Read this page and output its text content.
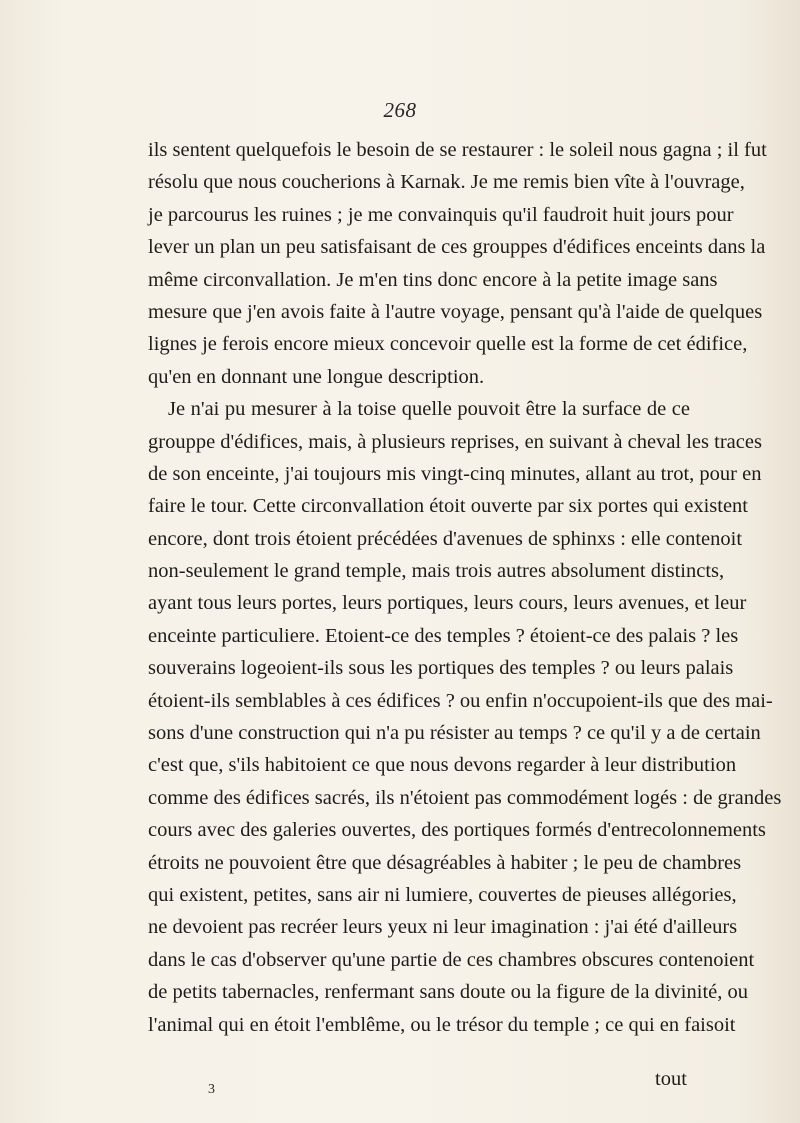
268
ils sentent quelquefois le besoin de se restaurer : le soleil nous gagna ; il fut
résolu que nous coucherions à Karnak. Je me remis bien vîte à l'ouvrage,
je parcourus les ruines ; je me convainquis qu'il faudroit huit jours pour
lever un plan un peu satisfaisant de ces grouppes d'édifices enceints dans la
même circonvallation. Je m'en tins donc encore à la petite image sans
mesure que j'en avois faite à l'autre voyage, pensant qu'à l'aide de quelques
lignes je ferois encore mieux concevoir quelle est la forme de cet édifice,
qu'en en donnant une longue description.
Je n'ai pu mesurer à la toise quelle pouvoit être la surface de ce
grouppe d'édifices, mais, à plusieurs reprises, en suivant à cheval les traces
de son enceinte, j'ai toujours mis vingt-cinq minutes, allant au trot, pour en
faire le tour. Cette circonvallation étoit ouverte par six portes qui existent
encore, dont trois étoient précédées d'avenues de sphinxs : elle contenoit
non-seulement le grand temple, mais trois autres absolument distincts,
ayant tous leurs portes, leurs portiques, leurs cours, leurs avenues, et leur
enceinte particuliere. Etoient-ce des temples ? étoient-ce des palais ? les
souverains logeoient-ils sous les portiques des temples ? ou leurs palais
étoient-ils semblables à ces édifices ? ou enfin n'occupoient-ils que des mai-
sons d'une construction qui n'a pu résister au temps ? ce qu'il y a de certain
c'est que, s'ils habitoient ce que nous devons regarder à leur distribution
comme des édifices sacrés, ils n'étoient pas commodément logés : de grandes
cours avec des galeries ouvertes, des portiques formés d'entrecolonnements
étroits ne pouvoient être que désagréables à habiter ; le peu de chambres
qui existent, petites, sans air ni lumiere, couvertes de pieuses allégories,
ne devoient pas recréer leurs yeux ni leur imagination : j'ai été d'ailleurs
dans le cas d'observer qu'une partie de ces chambres obscures contenoient
de petits tabernacles, renfermant sans doute ou la figure de la divinité, ou
l'animal qui en étoit l'emblême, ou le trésor du temple ; ce qui en faisoit
3	tout
